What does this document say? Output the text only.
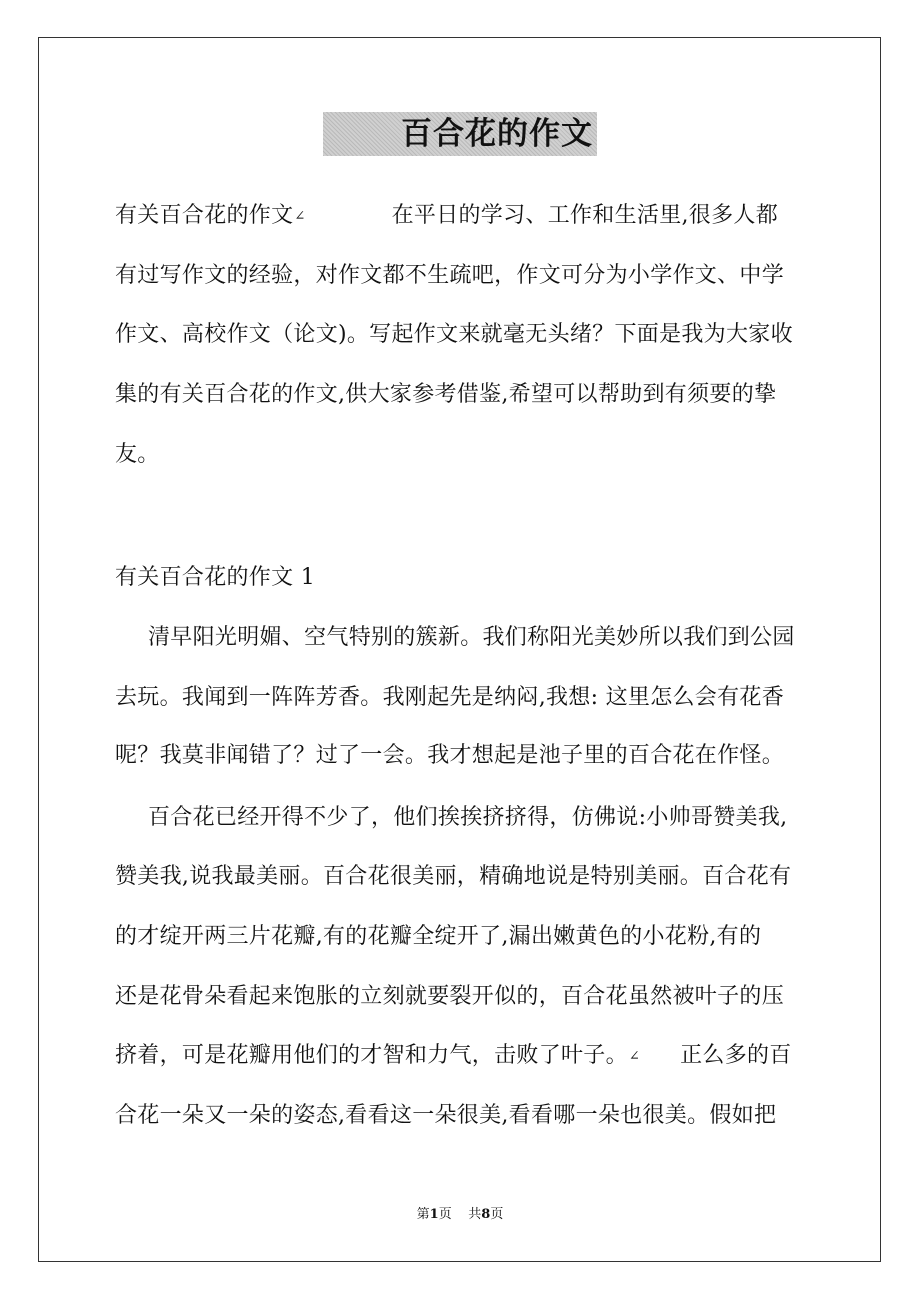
百合花的作文
有关百合花的作文∠	在平日的学习、工作和生活里,很多人都
有过写作文的经验，对作文都不生疏吧，作文可分为小学作文、中学
作文、高校作文（论文)。写起作文来就毫无头绪？下面是我为大家收
集的有关百合花的作文,供大家参考借鉴,希望可以帮助到有须要的挚
友。
有关百合花的作文 1
清早阳光明媚、空气特别的簇新。我们称阳光美妙所以我们到公园
去玩。我闻到一阵阵芳香。我刚起先是纳闷,我想: 这里怎么会有花香
呢？我莫非闻错了？过了一会。我才想起是池子里的百合花在作怪。
百合花已经开得不少了，他们挨挨挤挤得，仿佛说:小帅哥赞美我,
赞美我,说我最美丽。百合花很美丽，精确地说是特别美丽。百合花有
的才绽开两三片花瓣,有的花瓣全绽开了,漏出嫩黄色的小花粉,有的
还是花骨朵看起来饱胀的立刻就要裂开似的，百合花虽然被叶子的压
挤着，可是花瓣用他们的才智和力气，击败了叶子。∠ 正么多的百
合花一朵又一朵的姿态,看看这一朵很美,看看哪一朵也很美。假如把
第1页 共8页
